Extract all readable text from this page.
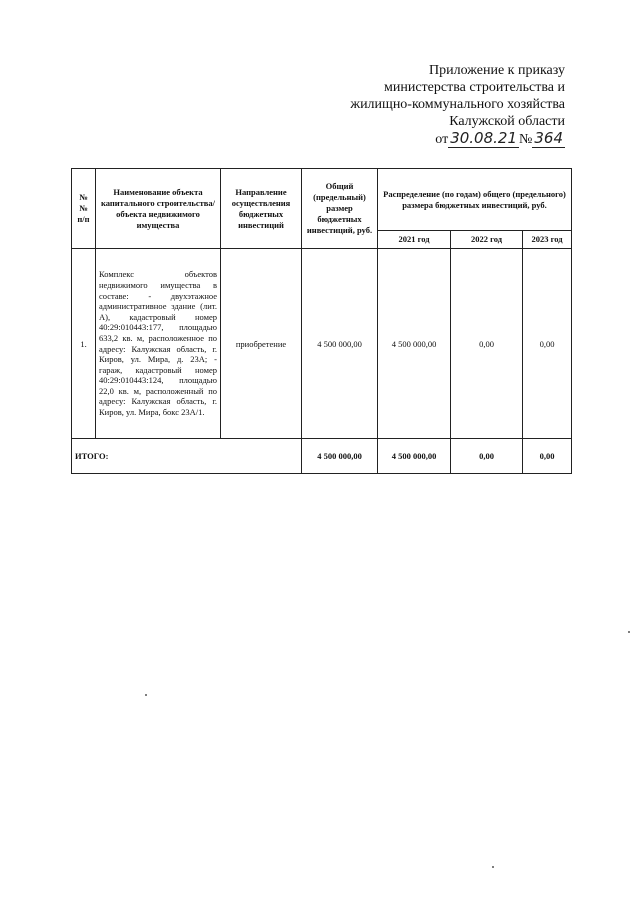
Приложение к приказу
министерства строительства и
жилищно-коммунального хозяйства
Калужской области
от 30.08.21 № 364
№ № п/п	Наименование объекта капитального строительства/объекта недвижимого имущества	Направление осуществления бюджетных инвестиций	Общий (предельный) размер бюджетных инвестиций, руб.	Распределение (по годам) общего (предельного) размера бюджетных инвестиций, руб.		
				2021 год	2022 год	2023 год
1.	Комплекс объектов недвижимого имущества в составе: - двухэтажное административное здание (лит. А), кадастровый номер 40:29:010443:177, площадью 633,2 кв. м, расположенное по адресу: Калужская область, г. Киров, ул. Мира, д. 23А; - гараж, кадастровый номер 40:29:010443:124, площадью 22,0 кв. м, расположенный по адресу: Калужская область, г. Киров, ул. Мира, бокс 23А/1.	приобретение	4 500 000,00	4 500 000,00	0,00	0,00
ИТОГО:			4 500 000,00	4 500 000,00	0,00	0,00
